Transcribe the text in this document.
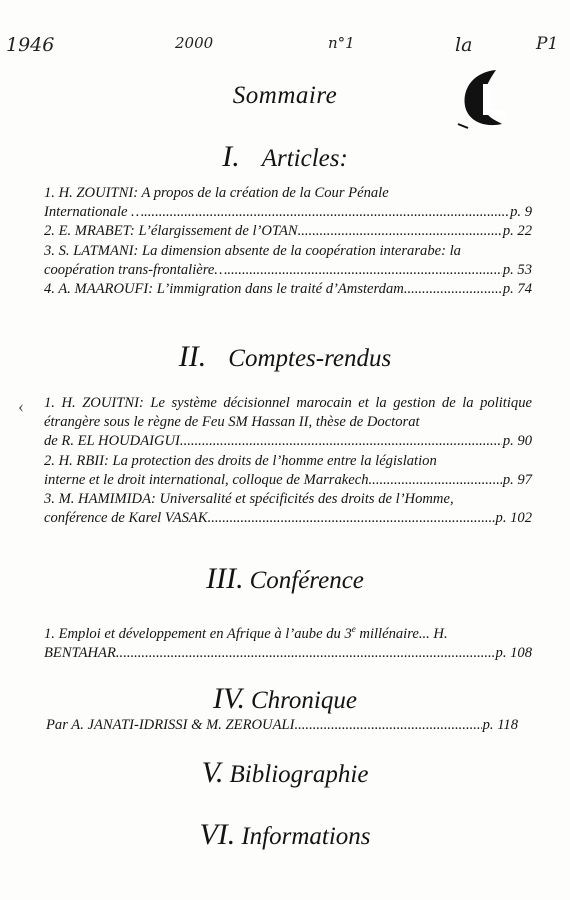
1946	2000	n°1	la	P1
‹
Sommaire
I. Articles:

1. H. ZOUITNI: A propos de la création de la Cour Pénale
Internationale … .....	p. 9

2. E. MRABET: L’élargissement de l’OTAN .....	p. 22

3. S. LATMANI: La dimension absente de la coopération interarabe: la
coopération trans-frontalière… .....	p. 53

4. A. MAAROUFI: L’immigration dans le traité d’Amsterdam .....	p. 74

II. Comptes-rendus

1. H. ZOUITNI: Le système décisionnel marocain et la gestion de la politique étrangère sous le règne de Feu SM Hassan II, thèse de Doctorat
de R. EL HOUDAIGUI .....	p. 90

2. H. RBII: La protection des droits de l’homme entre la législation
interne et le droit international, colloque de Marrakech .....	p. 97

3. M. HAMIMIDA: Universalité et spécificités des droits de l’Homme,
conférence de Karel VASAK .....	p. 102

III. Conférence

1. Emploi et développement en Afrique à l’aube du 3e millénaire... H.
BENTAHAR .....	p. 108

IV. Chronique

Par A. JANATI-IDRISSI & M. ZEROUALI .....	p. 118

V. Bibliographie
VI. Informations
